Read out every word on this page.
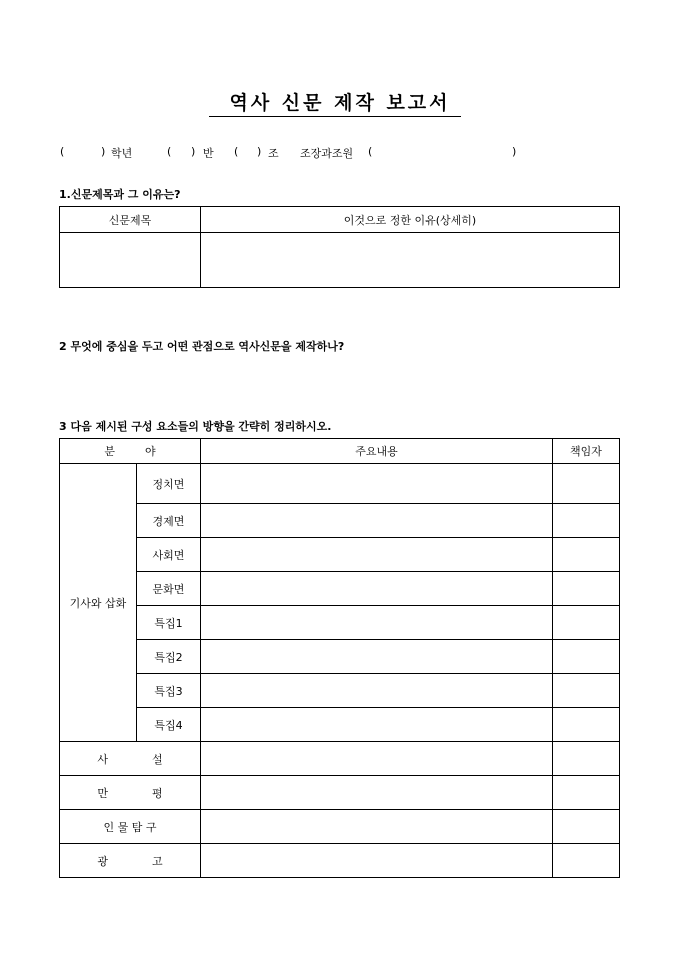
역사 신문 제작 보고서
(	) 학년	( ) 반 ( ) 조 조장과조원 (	)
1.신문제목과 그 이유는?
신문제목	이것으로 정한 이유(상세히)

2 무엇에 중심을 두고 어떤 관점으로 역사신문을 제작하나?
3 다음 제시된 구성 요소들의 방향을 간략히 정리하시오.
분 야		주요내용	책임자
기사와 삽화	정치면		
	경제면		
	사회면		
	문화면		
	특집1		
	특집2		
	특집3		
	특집4		
사 설			
만 평			
인 물 탐 구			
광 고			
